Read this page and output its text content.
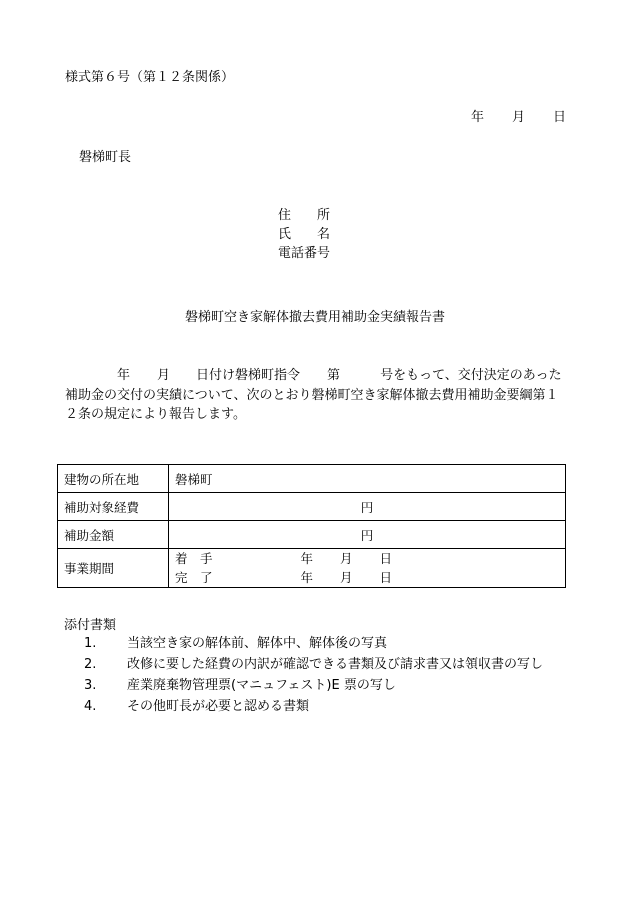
様式第６号（第１２条関係）
年 月 日
磐梯町長
住　　所
氏　　名
電話番号
磐梯町空き家解体撤去費用補助金実績報告書
年 月 日付け磐梯町指令 第	号をもって、交付決定のあった
補助金の交付の実績について、次のとおり磐梯町空き家解体撤去費用補助金要綱第１
２条の規定により報告します。
建物の所在地	磐梯町
補助対象経費	円
補助金額	円
事業期間	着　手 年 月 日
完　了 年 月 日
添付書類
1. 当該空き家の解体前、解体中、解体後の写真
2. 改修に要した経費の内訳が確認できる書類及び請求書又は領収書の写し
3. 産業廃棄物管理票(マニュフェスト)E 票の写し
4. その他町長が必要と認める書類
